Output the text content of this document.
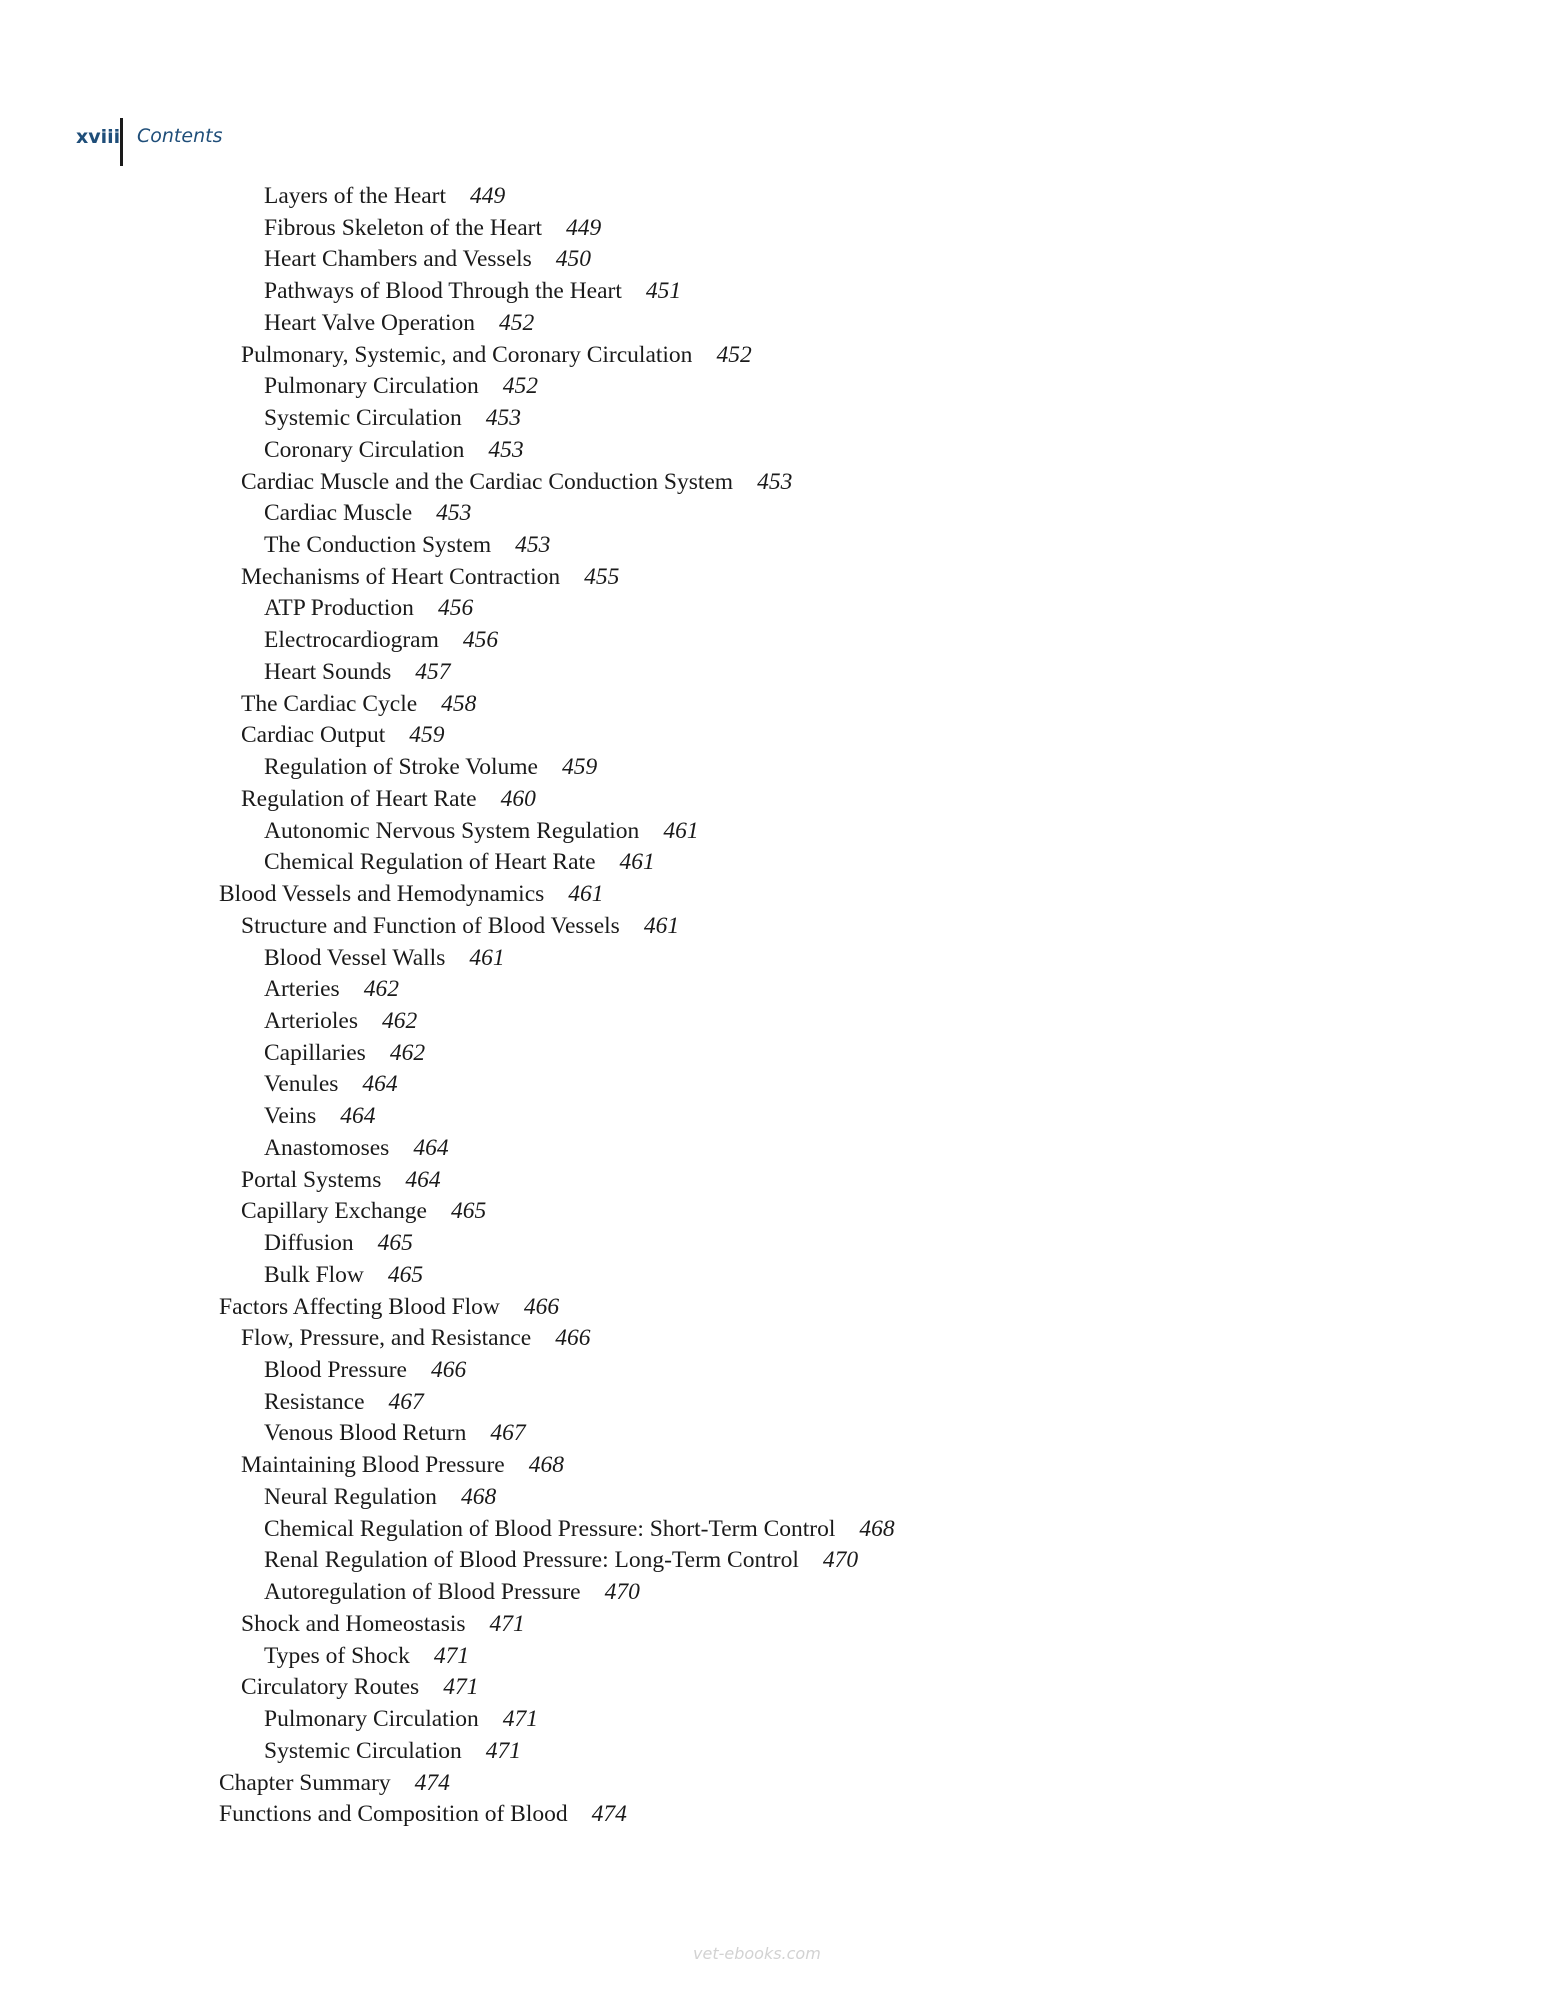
xviii Contents
Layers of the Heart 449
Fibrous Skeleton of the Heart 449
Heart Chambers and Vessels 450
Pathways of Blood Through the Heart 451
Heart Valve Operation 452
Pulmonary, Systemic, and Coronary Circulation 452
Pulmonary Circulation 452
Systemic Circulation 453
Coronary Circulation 453
Cardiac Muscle and the Cardiac Conduction System 453
Cardiac Muscle 453
The Conduction System 453
Mechanisms of Heart Contraction 455
ATP Production 456
Electrocardiogram 456
Heart Sounds 457
The Cardiac Cycle 458
Cardiac Output 459
Regulation of Stroke Volume 459
Regulation of Heart Rate 460
Autonomic Nervous System Regulation 461
Chemical Regulation of Heart Rate 461
Blood Vessels and Hemodynamics 461
Structure and Function of Blood Vessels 461
Blood Vessel Walls 461
Arteries 462
Arterioles 462
Capillaries 462
Venules 464
Veins 464
Anastomoses 464
Portal Systems 464
Capillary Exchange 465
Diffusion 465
Bulk Flow 465
Factors Affecting Blood Flow 466
Flow, Pressure, and Resistance 466
Blood Pressure 466
Resistance 467
Venous Blood Return 467
Maintaining Blood Pressure 468
Neural Regulation 468
Chemical Regulation of Blood Pressure: Short-Term Control 468
Renal Regulation of Blood Pressure: Long-Term Control 470
Autoregulation of Blood Pressure 470
Shock and Homeostasis 471
Types of Shock 471
Circulatory Routes 471
Pulmonary Circulation 471
Systemic Circulation 471
Chapter Summary 474
Functions and Composition of Blood 474
vet-ebooks.com
